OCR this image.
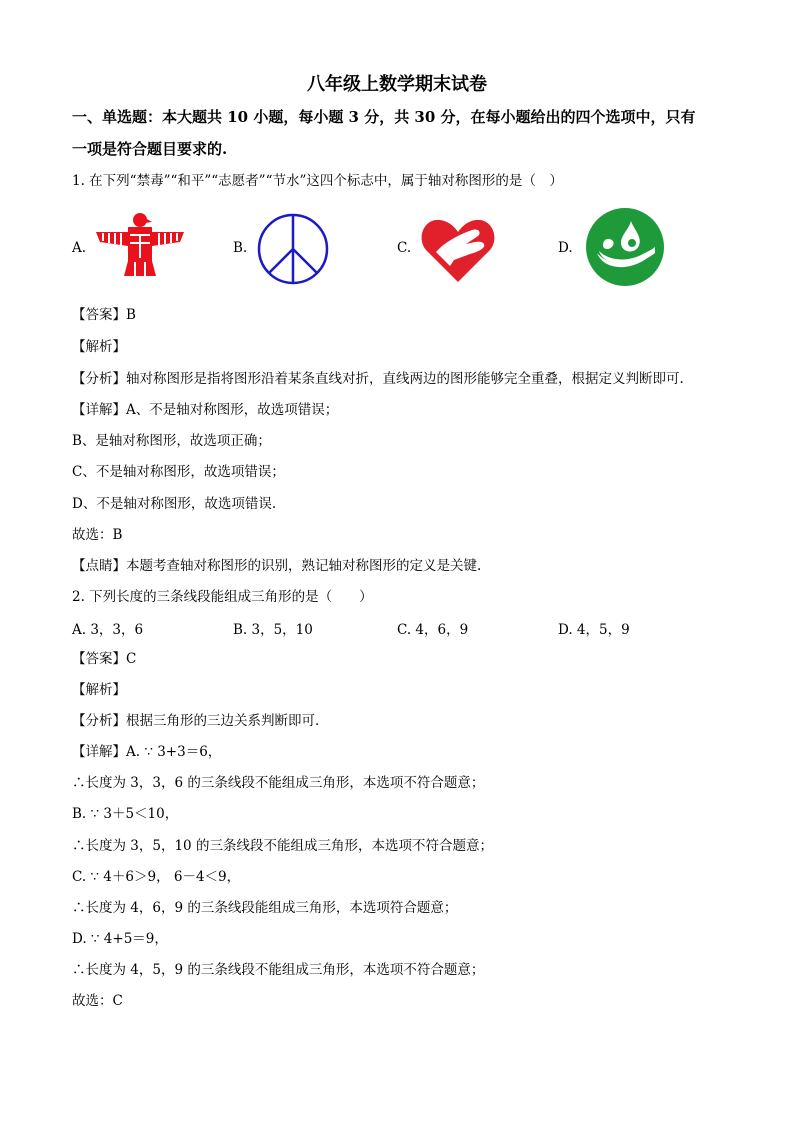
八年级上数学期末试卷
一、单选题：本大题共 10 小题，每小题 3 分，共 30 分，在每小题给出的四个选项中，只有
一项是符合题目要求的.
1. 在下列“禁毒”“和平”“志愿者”“节水”这四个标志中，属于轴对称图形的是（　）
A.	B.	C.	D.
【答案】B
【解析】
【分析】轴对称图形是指将图形沿着某条直线对折，直线两边的图形能够完全重叠，根据定义判断即可.
【详解】A、不是轴对称图形，故选项错误；
B、是轴对称图形，故选项正确；
C、不是轴对称图形，故选项错误；
D、不是轴对称图形，故选项错误.
故选：B
【点睛】本题考查轴对称图形的识别，熟记轴对称图形的定义是关键.
2. 下列长度的三条线段能组成三角形的是（　　）
A. 3，3，6	B. 3，5，10	C. 4，6，9	D. 4，5，9
【答案】C
【解析】
【分析】根据三角形的三边关系判断即可．
【详解】A. ∵ 3+3＝6，
∴长度为 3，3，6 的三条线段不能组成三角形，本选项不符合题意；
B. ∵ 3＋5＜10，
∴长度为 3，5，10 的三条线段不能组成三角形，本选项不符合题意；
C. ∵ 4＋6＞9， 6－4＜9，
∴长度为 4，6，9 的三条线段能组成三角形，本选项符合题意；
D. ∵ 4+5＝9，
∴长度为 4，5，9 的三条线段不能组成三角形，本选项不符合题意；
故选：C
